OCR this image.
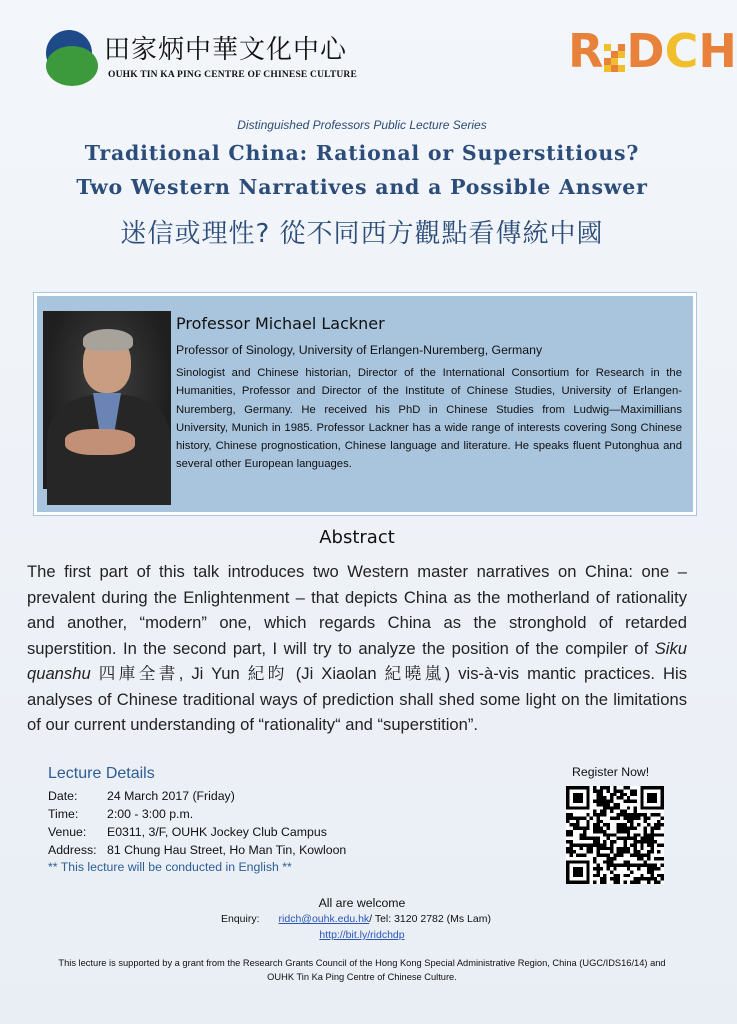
田家炳中華文化中心
OUHK TIN KA PING CENTRE OF CHINESE CULTURE	R D C H
Distinguished Professors Public Lecture Series
Traditional China: Rational or Superstitious?
Two Western Narratives and a Possible Answer
迷信或理性? 從不同西方觀點看傳統中國
Professor Michael Lackner
Professor of Sinology, University of Erlangen-Nuremberg, Germany
Sinologist and Chinese historian, Director of the International Consortium for Research in the Humanities, Professor and Director of the Institute of Chinese Studies, University of Erlangen-Nuremberg, Germany. He received his PhD in Chinese Studies from Ludwig—Maximillians University, Munich in 1985. Professor Lackner has a wide range of interests covering Song Chinese history, Chinese prognostication, Chinese language and literature. He speaks fluent Putonghua and several other European languages.
Abstract
The first part of this talk introduces two Western master narratives on China: one – prevalent during the Enlightenment – that depicts China as the motherland of rationality and another, “modern” one, which regards China as the stronghold of retarded superstition. In the second part, I will try to analyze the position of the compiler of Siku quanshu 四庫全書, Ji Yun 紀昀 (Ji Xiaolan 紀曉嵐) vis-à-vis mantic practices. His analyses of Chinese traditional ways of prediction shall shed some light on the limitations of our current understanding of “rationality“ and “superstition”.
Lecture Details
Date: 24 March 2017 (Friday)
Time: 2:00 - 3:00 p.m.
Venue: E0311, 3/F, OUHK Jockey Club Campus
Address: 81 Chung Hau Street, Ho Man Tin, Kowloon
** This lecture will be conducted in English **
Register Now!
All are welcome
Enquiry: ridch@ouhk.edu.hk/ Tel: 3120 2782 (Ms Lam)
http://bit.ly/ridchdp
This lecture is supported by a grant from the Research Grants Council of the Hong Kong Special Administrative Region, China (UGC/IDS16/14) and
OUHK Tin Ka Ping Centre of Chinese Culture.
